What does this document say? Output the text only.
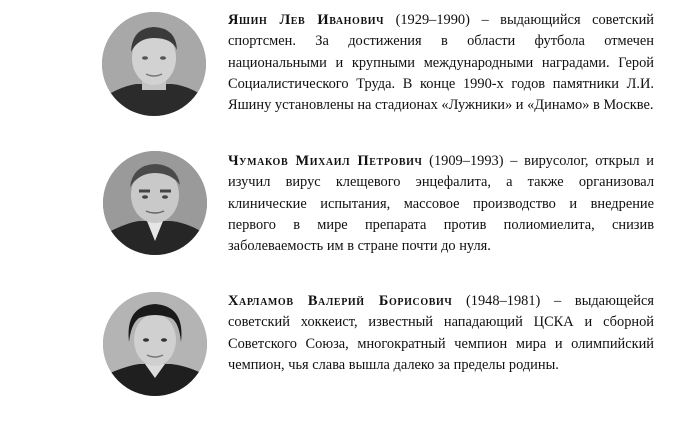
Яшин Лев Иванович (1929–1990) – выдающийся советский спортсмен. За достижения в области футбола отмечен национальными и крупными международными наградами. Герой Социалистического Труда. В конце 1990-х годов памятники Л.И. Яшину установлены на стадионах «Лужники» и «Динамо» в Москве.

Чумаков Михаил Петрович (1909–1993) – вирусолог, открыл и изучил вирус клещевого энцефалита, а также организовал клинические испытания, массовое производство и внедрение первого в мире препарата против полиомиелита, снизив заболеваемость им в стране почти до нуля.

Харламов Валерий Борисович (1948–1981) – выдающейся советский хоккеист, известный нападающий ЦСКА и сборной Советского Союза, многократный чемпион мира и олимпийский чемпион, чья слава вышла далеко за пределы родины.
